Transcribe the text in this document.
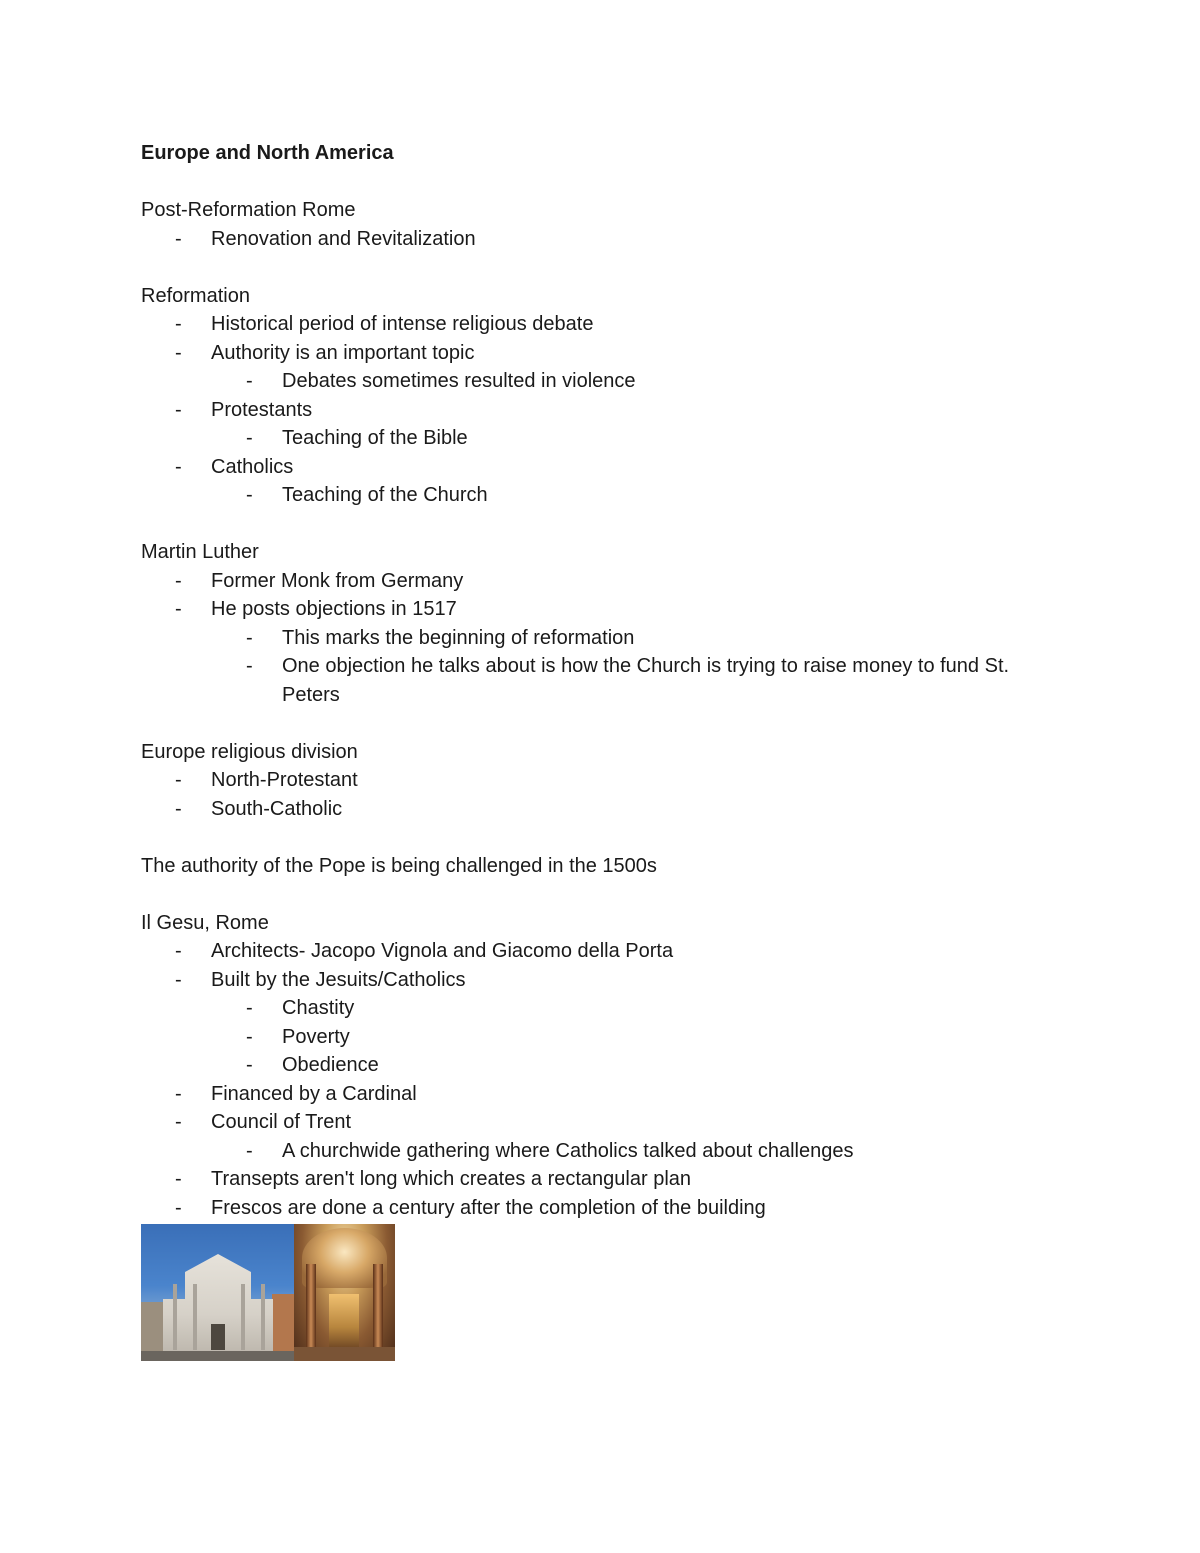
Europe and North America
Post-Reformation Rome
- Renovation and Revitalization
Reformation
- Historical period of intense religious debate
- Authority is an important topic
- Debates sometimes resulted in violence
- Protestants
- Teaching of the Bible
- Catholics
- Teaching of the Church
Martin Luther
- Former Monk from Germany
- He posts objections in 1517
- This marks the beginning of reformation
- One objection he talks about is how the Church is trying to raise money to fund St. Peters
Europe religious division
- North-Protestant
- South-Catholic
The authority of the Pope is being challenged in the 1500s
Il Gesu, Rome
- Architects- Jacopo Vignola and Giacomo della Porta
- Built by the Jesuits/Catholics
- Chastity
- Poverty
- Obedience
- Financed by a Cardinal
- Council of Trent
- A churchwide gathering where Catholics talked about challenges
- Transepts aren't long which creates a rectangular plan
- Frescos are done a century after the completion of the building
